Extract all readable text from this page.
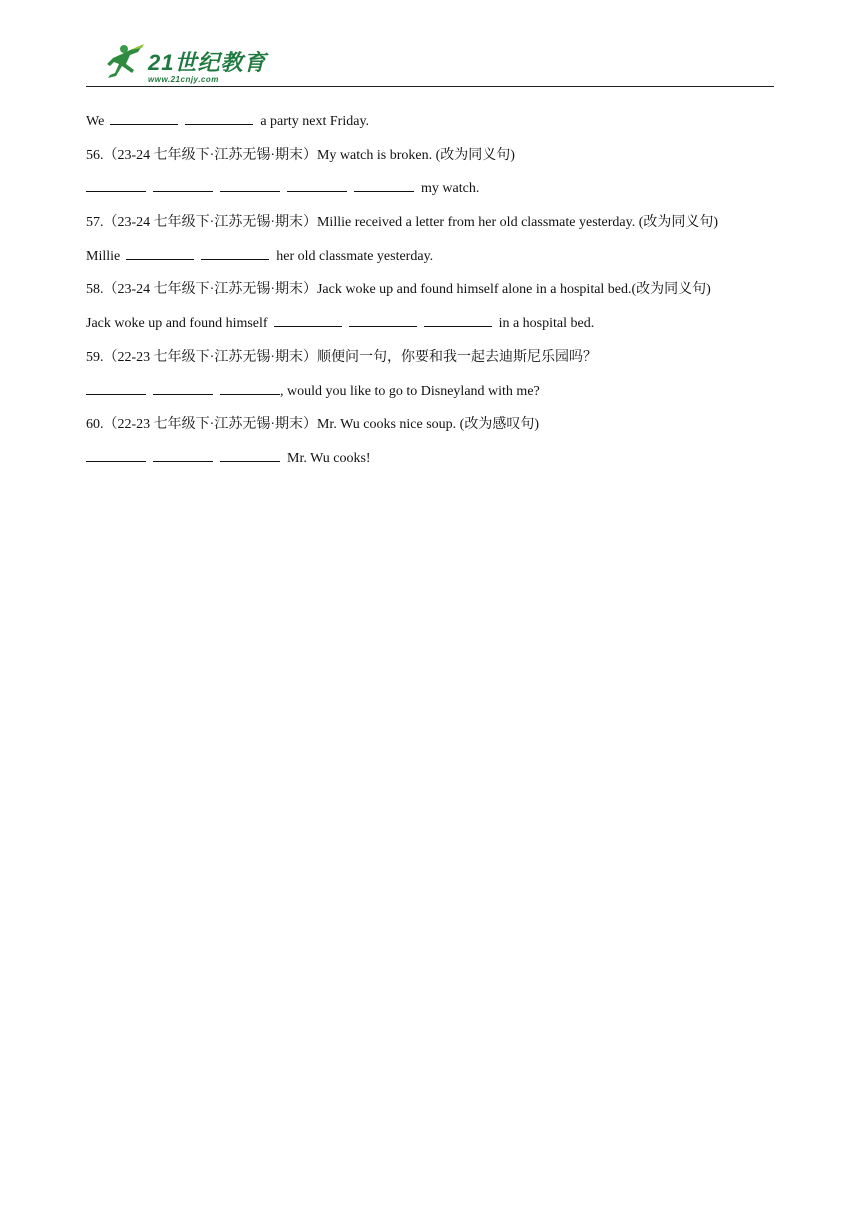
21世纪教育
www.21cnjy.com
We	a party next Friday.
56.（23-24 七年级下·江苏无锡·期末）My watch is broken. (改为同义句)
my watch.
57.（23-24 七年级下·江苏无锡·期末）Millie received a letter from her old classmate yesterday. (改为同义句)
Millie	her old classmate yesterday.
58.（23-24 七年级下·江苏无锡·期末）Jack woke up and found himself alone in a hospital bed.(改为同义句)
Jack woke up and found himself	in a hospital bed.
59.（22-23 七年级下·江苏无锡·期末）顺便问一句，你要和我一起去迪斯尼乐园吗？
, would you like to go to Disneyland with me?
60.（22-23 七年级下·江苏无锡·期末）Mr. Wu cooks nice soup. (改为感叹句)
Mr. Wu cooks!
